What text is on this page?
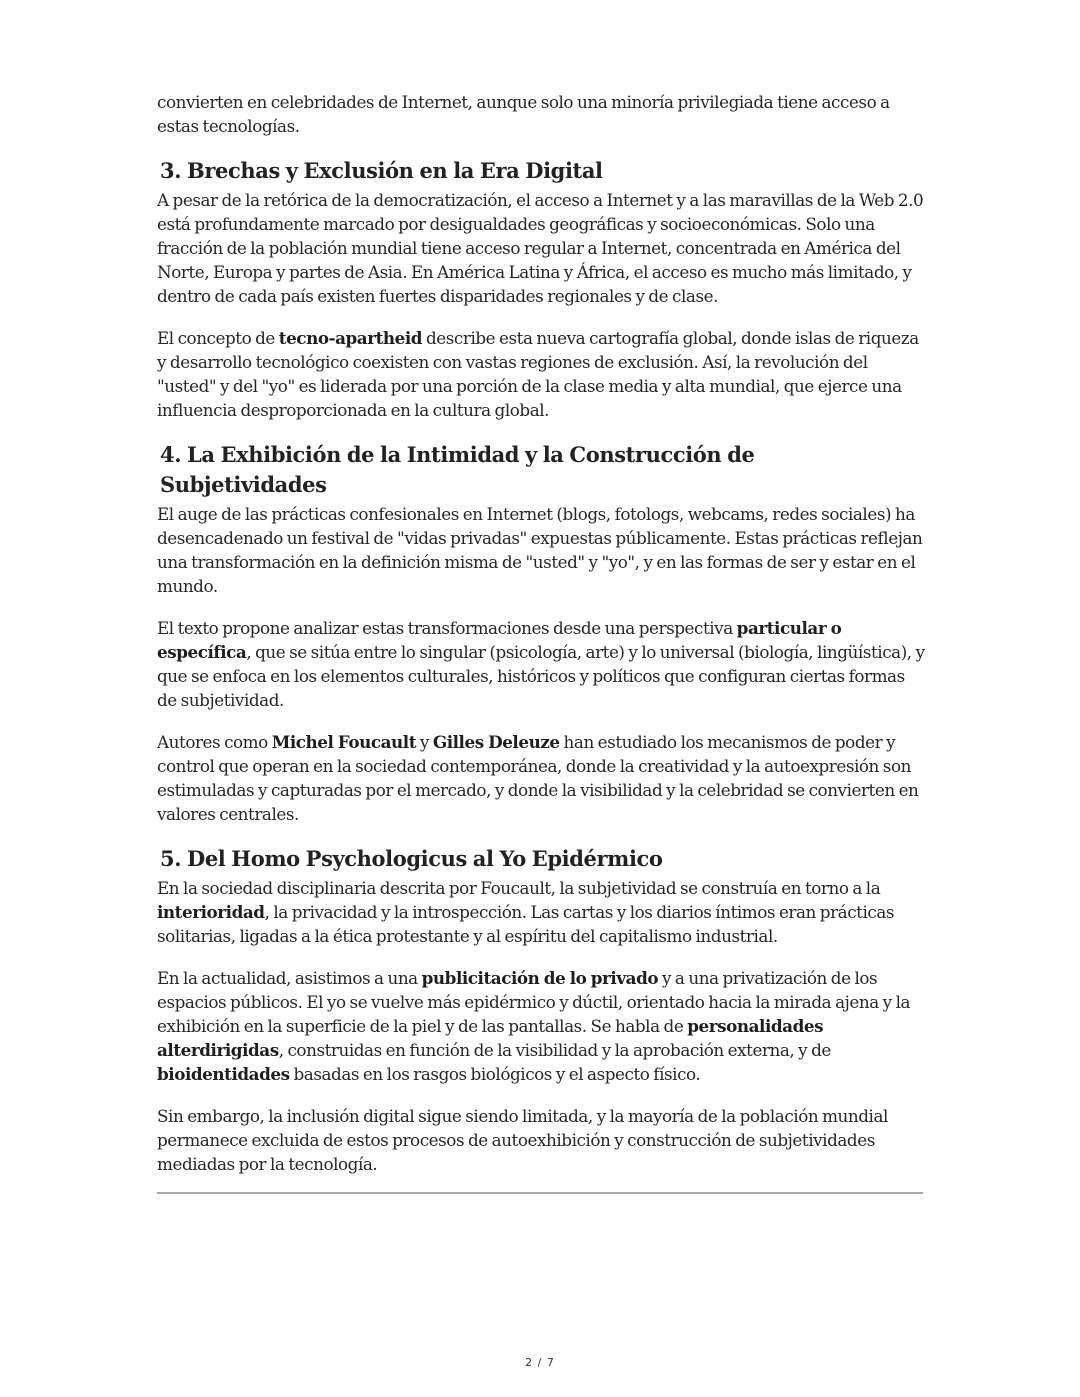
convierten en celebridades de Internet, aunque solo una minoría privilegiada tiene acceso a estas tecnologías.

3. Brechas y Exclusión en la Era Digital

A pesar de la retórica de la democratización, el acceso a Internet y a las maravillas de la Web 2.0 está profundamente marcado por desigualdades geográficas y socioeconómicas. Solo una fracción de la población mundial tiene acceso regular a Internet, concentrada en América del Norte, Europa y partes de Asia. En América Latina y África, el acceso es mucho más limitado, y dentro de cada país existen fuertes disparidades regionales y de clase.

El concepto de tecno-apartheid describe esta nueva cartografía global, donde islas de riqueza y desarrollo tecnológico coexisten con vastas regiones de exclusión. Así, la revolución del "usted" y del "yo" es liderada por una porción de la clase media y alta mundial, que ejerce una influencia desproporcionada en la cultura global.

4. La Exhibición de la Intimidad y la Construcción de Subjetividades

El auge de las prácticas confesionales en Internet (blogs, fotologs, webcams, redes sociales) ha desencadenado un festival de "vidas privadas" expuestas públicamente. Estas prácticas reflejan una transformación en la definición misma de "usted" y "yo", y en las formas de ser y estar en el mundo.

El texto propone analizar estas transformaciones desde una perspectiva particular o específica, que se sitúa entre lo singular (psicología, arte) y lo universal (biología, lingüística), y que se enfoca en los elementos culturales, históricos y políticos que configuran ciertas formas de subjetividad.

Autores como Michel Foucault y Gilles Deleuze han estudiado los mecanismos de poder y control que operan en la sociedad contemporánea, donde la creatividad y la autoexpresión son estimuladas y capturadas por el mercado, y donde la visibilidad y la celebridad se convierten en valores centrales.

5. Del Homo Psychologicus al Yo Epidérmico

En la sociedad disciplinaria descrita por Foucault, la subjetividad se construía en torno a la interioridad, la privacidad y la introspección. Las cartas y los diarios íntimos eran prácticas solitarias, ligadas a la ética protestante y al espíritu del capitalismo industrial.

En la actualidad, asistimos a una publicitación de lo privado y a una privatización de los espacios públicos. El yo se vuelve más epidérmico y dúctil, orientado hacia la mirada ajena y la exhibición en la superficie de la piel y de las pantallas. Se habla de personalidades alterdirigidas, construidas en función de la visibilidad y la aprobación externa, y de bioidentidades basadas en los rasgos biológicos y el aspecto físico.

Sin embargo, la inclusión digital sigue siendo limitada, y la mayoría de la población mundial permanece excluida de estos procesos de autoexhibición y construcción de subjetividades mediadas por la tecnología.

2 / 7
